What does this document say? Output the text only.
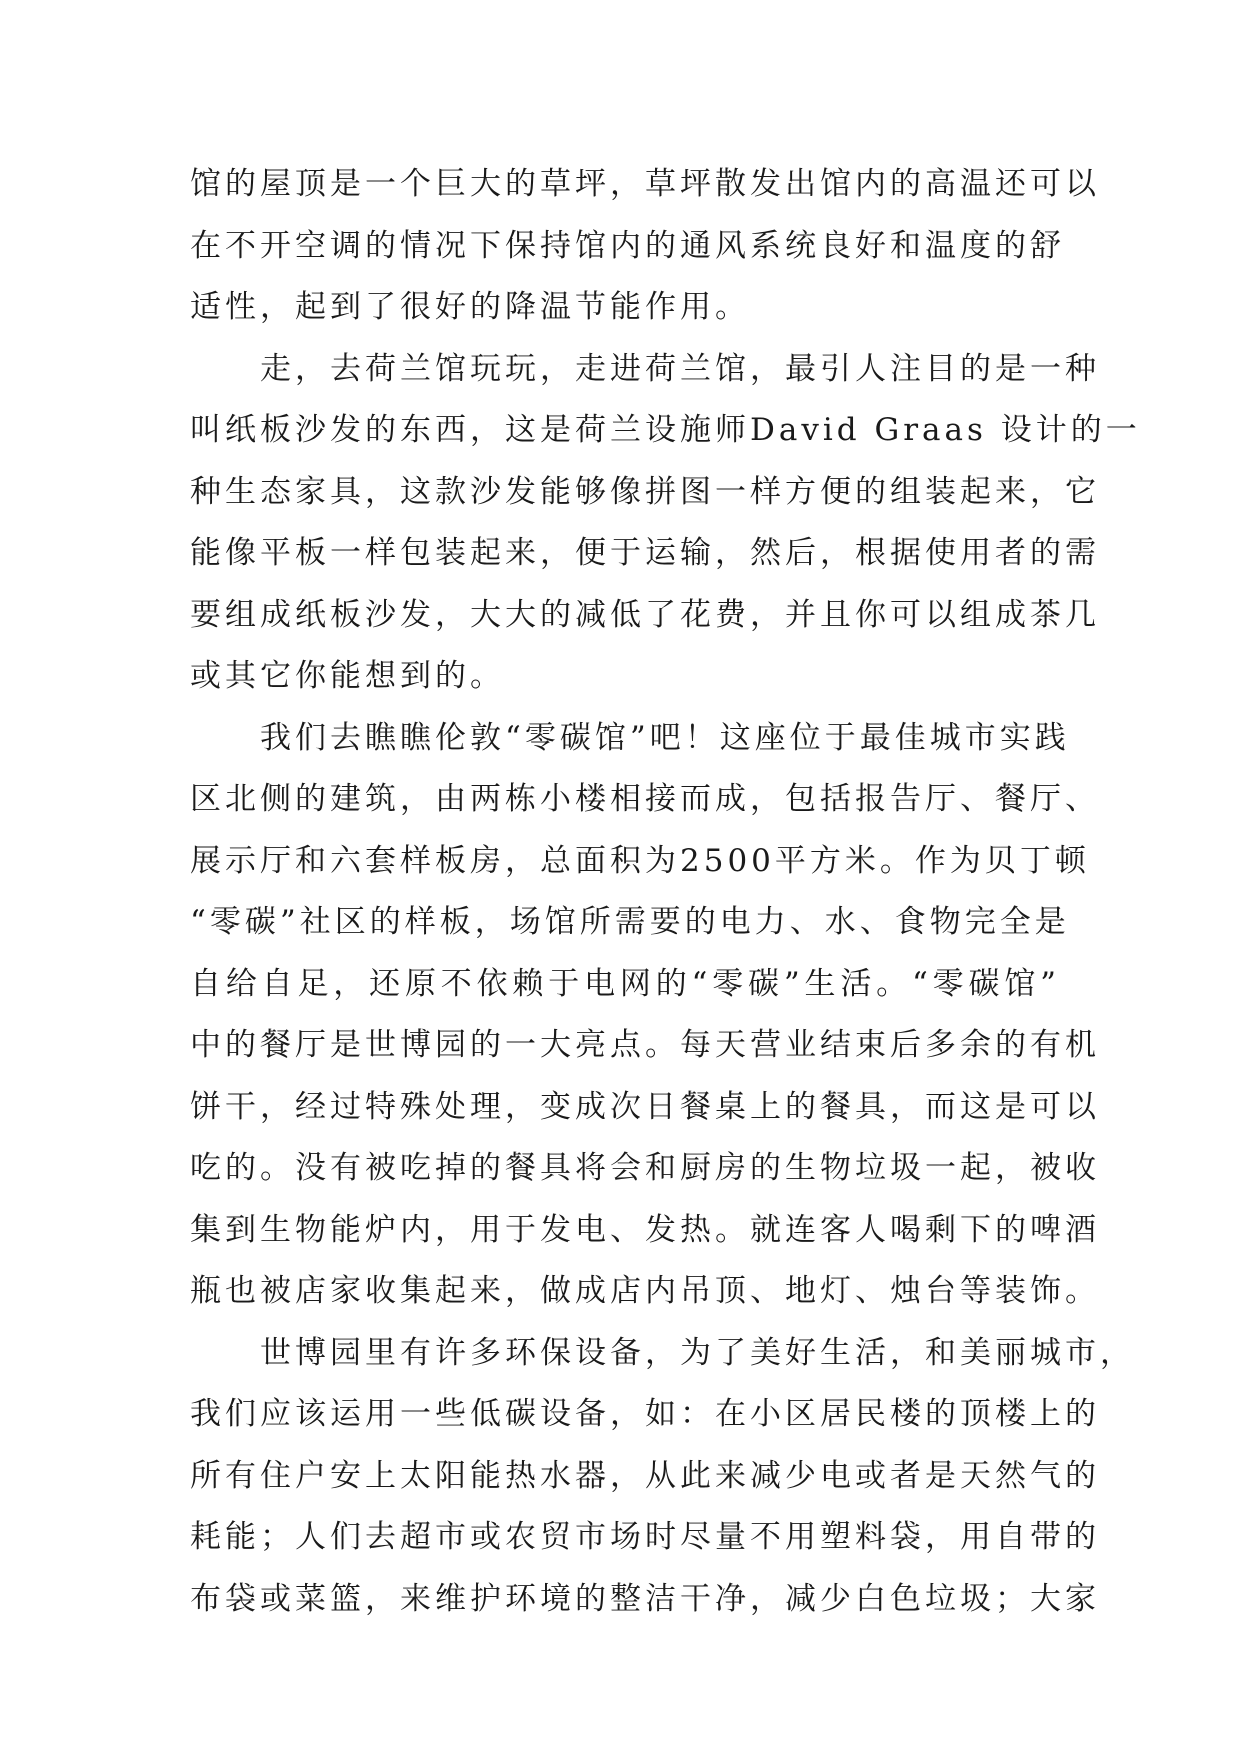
馆的屋顶是一个巨大的草坪，草坪散发出馆内的高温还可以
在不开空调的情况下保持馆内的通风系统良好和温度的舒
适性，起到了很好的降温节能作用。
走，去荷兰馆玩玩，走进荷兰馆，最引人注目的是一种
叫纸板沙发的东西，这是荷兰设施师David Graas 设计的一
种生态家具，这款沙发能够像拼图一样方便的组装起来，它
能像平板一样包装起来，便于运输，然后，根据使用者的需
要组成纸板沙发，大大的减低了花费，并且你可以组成茶几
或其它你能想到的。
我们去瞧瞧伦敦“零碳馆”吧！这座位于最佳城市实践
区北侧的建筑，由两栋小楼相接而成，包括报告厅、餐厅、
展示厅和六套样板房，总面积为2500平方米。作为贝丁顿
“零碳”社区的样板，场馆所需要的电力、水、食物完全是
自给自足，还原不依赖于电网的“零碳”生活。“零碳馆”
中的餐厅是世博园的一大亮点。每天营业结束后多余的有机
饼干，经过特殊处理，变成次日餐桌上的餐具，而这是可以
吃的。没有被吃掉的餐具将会和厨房的生物垃圾一起，被收
集到生物能炉内，用于发电、发热。就连客人喝剩下的啤酒
瓶也被店家收集起来，做成店内吊顶、地灯、烛台等装饰。
世博园里有许多环保设备，为了美好生活，和美丽城市，
我们应该运用一些低碳设备，如：在小区居民楼的顶楼上的
所有住户安上太阳能热水器，从此来减少电或者是天然气的
耗能；人们去超市或农贸市场时尽量不用塑料袋，用自带的
布袋或菜篮，来维护环境的整洁干净，减少白色垃圾；大家
